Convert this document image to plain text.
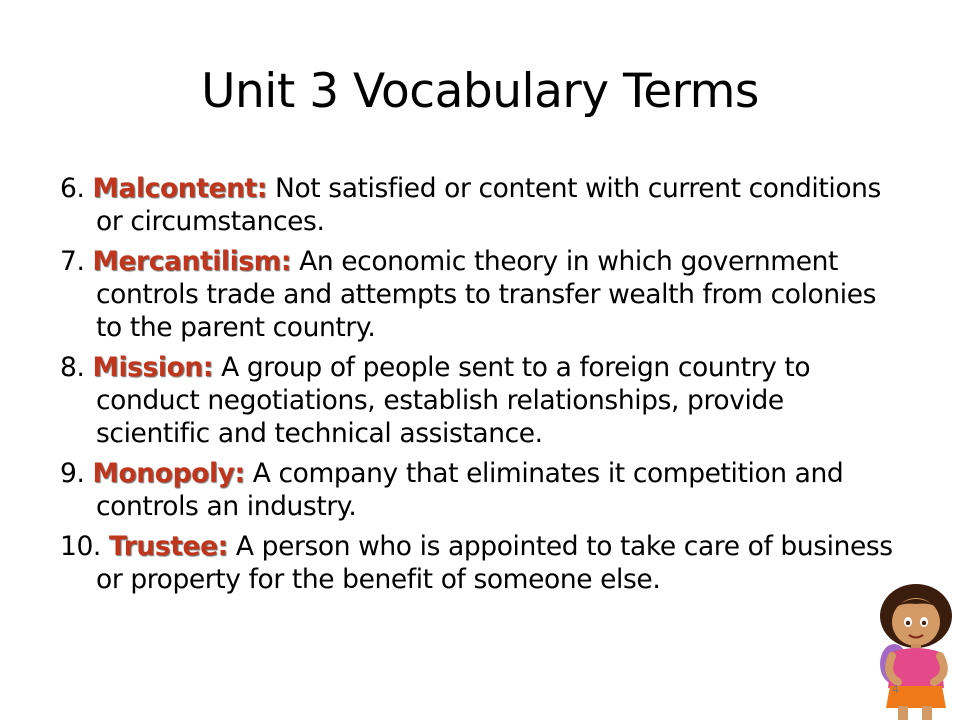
Unit 3 Vocabulary Terms
6. Malcontent: Not satisfied or content with current conditions or circumstances.
7. Mercantilism: An economic theory in which government controls trade and attempts to transfer wealth from colonies to the parent country.
8. Mission: A group of people sent to a foreign country to conduct negotiations, establish relationships, provide scientific and technical assistance.
9. Monopoly: A company that eliminates it competition and controls an industry.
10. Trustee: A person who is appointed to take care of business or property for the benefit of someone else.
4
